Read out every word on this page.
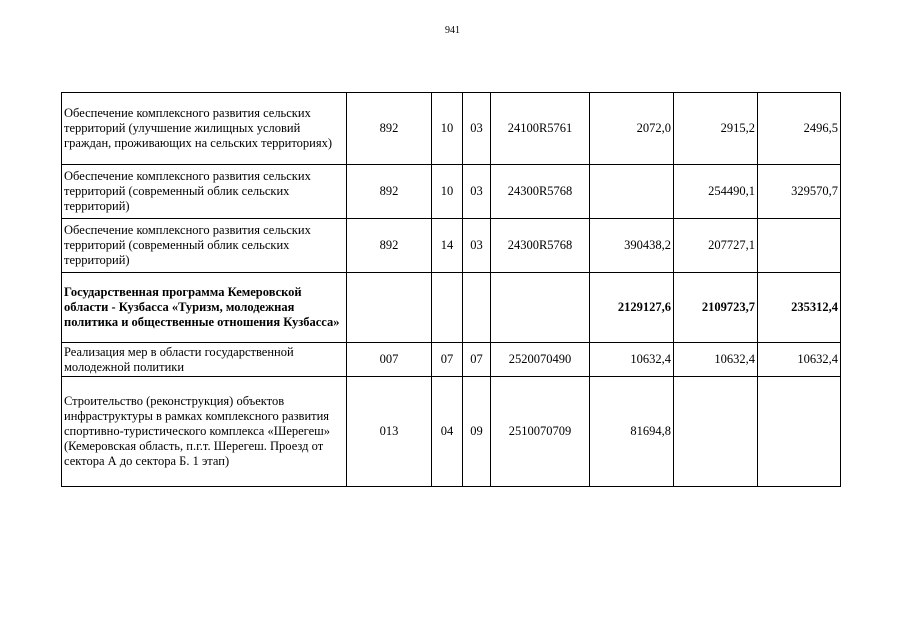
941
Обеспечение комплексного развития сельских территорий (улучшение жилищных условий граждан, проживающих на сельских территориях)	892	10	03	24100R5761	2072,0	2915,2	2496,5
Обеспечение комплексного развития сельских территорий (современный облик сельских территорий)	892	10	03	24300R5768		254490,1	329570,7
Обеспечение комплексного развития сельских территорий (современный облик сельских территорий)	892	14	03	24300R5768	390438,2	207727,1	
Государственная программа Кемеровской области - Кузбасса «Туризм, молодежная политика и общественные отношения Кузбасса»					2129127,6	2109723,7	235312,4
Реализация мер в области государственной молодежной политики	007	07	07	2520070490	10632,4	10632,4	10632,4
Строительство (реконструкция) объектов инфраструктуры в рамках комплексного развития спортивно-туристического комплекса «Шерегеш» (Кемеровская область, п.г.т. Шерегеш. Проезд от сектора А до сектора Б. 1 этап)	013	04	09	2510070709	81694,8		
